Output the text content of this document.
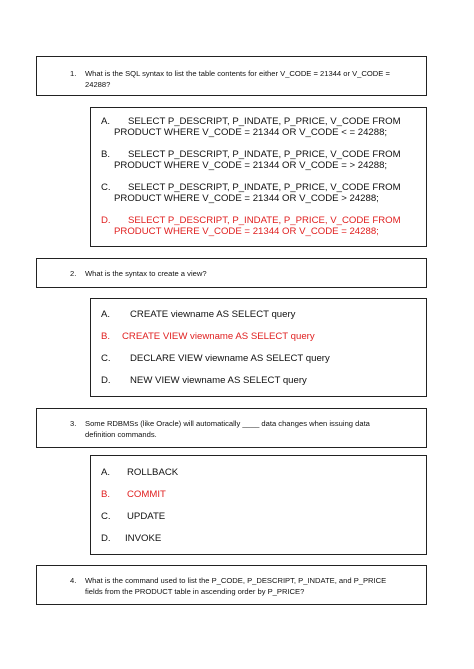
1. What is the SQL syntax to list the table contents for either V_CODE = 21344 or V_CODE =
24288?
A. SELECT P_DESCRIPT, P_INDATE, P_PRICE, V_CODE FROM
PRODUCT WHERE V_CODE = 21344 OR V_CODE < = 24288;
B. SELECT P_DESCRIPT, P_INDATE, P_PRICE, V_CODE FROM
PRODUCT WHERE V_CODE = 21344 OR V_CODE = > 24288;
C. SELECT P_DESCRIPT, P_INDATE, P_PRICE, V_CODE FROM
PRODUCT WHERE V_CODE = 21344 OR V_CODE > 24288;
D. SELECT P_DESCRIPT, P_INDATE, P_PRICE, V_CODE FROM
PRODUCT WHERE V_CODE = 21344 OR V_CODE = 24288;
2. What is the syntax to create a view?
A. CREATE viewname AS SELECT query
B. CREATE VIEW viewname AS SELECT query
C. DECLARE VIEW viewname AS SELECT query
D. NEW VIEW viewname AS SELECT query
3. Some RDBMSs (like Oracle) will automatically ____ data changes when issuing data
definition commands.
A. ROLLBACK
B. COMMIT
C. UPDATE
D. INVOKE
4. What is the command used to list the P_CODE, P_DESCRIPT, P_INDATE, and P_PRICE
fields from the PRODUCT table in ascending order by P_PRICE?
